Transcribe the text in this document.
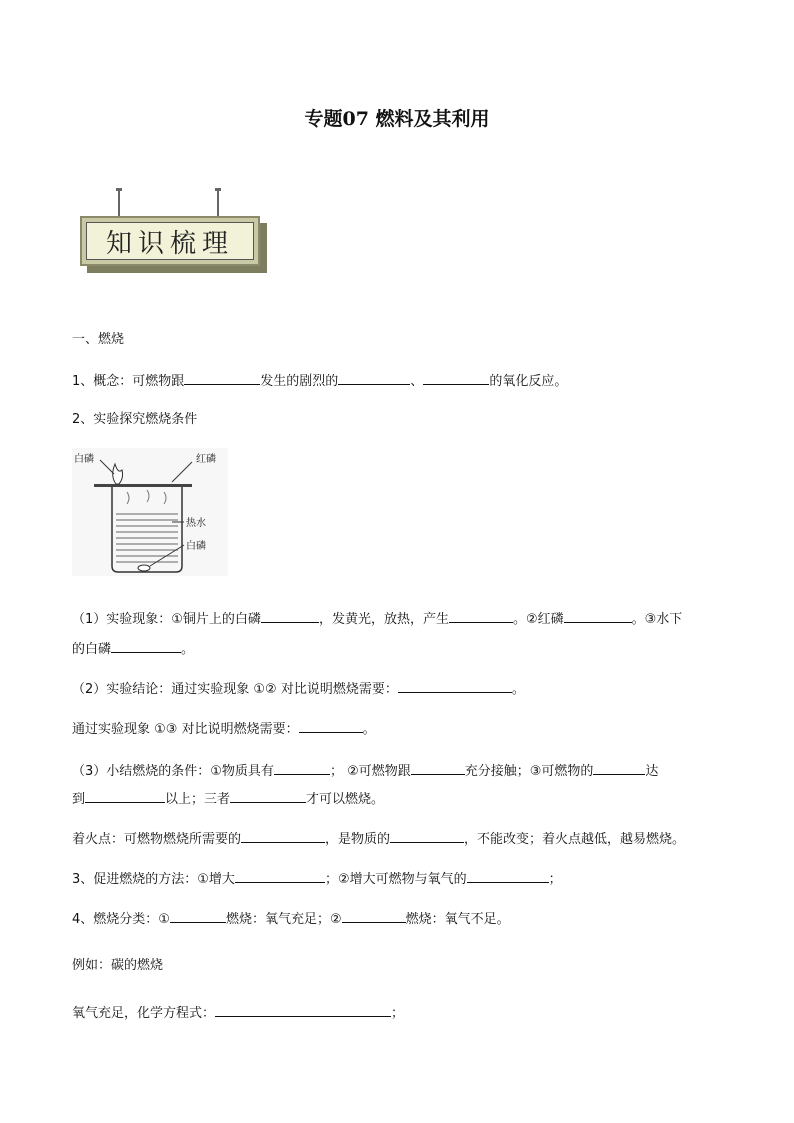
专题07 燃料及其利用
知识梳理
一、燃烧
1、概念：可燃物跟	发生的剧烈的	、	的氧化反应。
2、实验探究燃烧条件
白磷	红磷
热水
白磷
（1）实验现象：①铜片上的白磷	，发黄光，放热，产生	。②红磷	。③水下
的白磷	。
（2）实验结论：通过实验现象 ①② 对比说明燃烧需要：	。
通过实验现象 ①③ 对比说明燃烧需要：	。
（3）小结燃烧的条件：①物质具有	； ②可燃物跟	充分接触；③可燃物的	达
到	以上；三者	才可以燃烧。
着火点：可燃物燃烧所需要的	，是物质的	，不能改变；着火点越低，越易燃烧。
3、促进燃烧的方法：①增大	；②增大可燃物与氧气的	；
4、燃烧分类：①	燃烧：氧气充足；②	燃烧：氧气不足。
例如：碳的燃烧
氧气充足，化学方程式：	；
